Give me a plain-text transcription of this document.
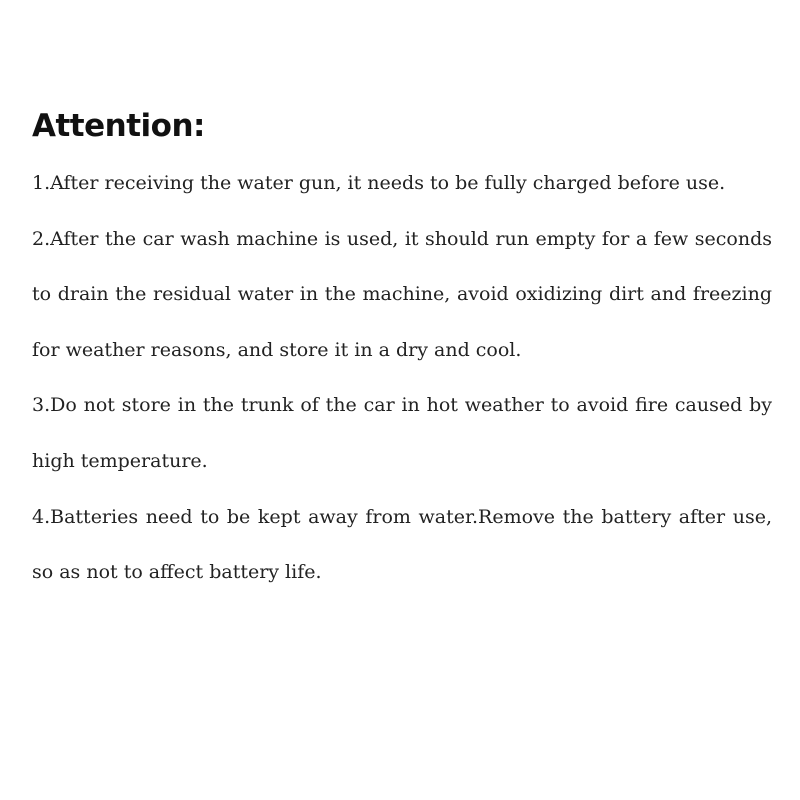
Attention:

1.After receiving the water gun, it needs to be fully charged before use.

2.After the car wash machine is used, it should run empty for a few seconds to drain the residual water in the machine, avoid oxidizing dirt and freezing for weather reasons, and store it in a dry and cool.

3.Do not store in the trunk of the car in hot weather to avoid fire caused by high temperature.

4.Batteries need to be kept away from water.Remove the battery after use, so as not to affect battery life.
